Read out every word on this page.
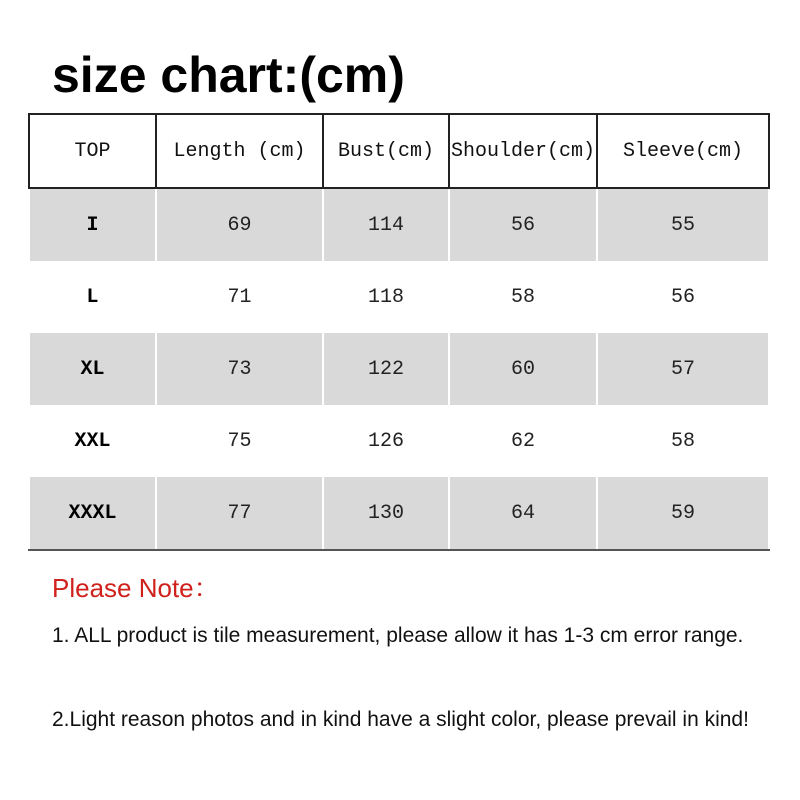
size chart:(cm)
TOP	Length (cm)	Bust(cm)	Shoulder(cm)	Sleeve(cm)
I	69	114	56	55
L	71	118	58	56
XL	73	122	60	57
XXL	75	126	62	58
XXXL	77	130	64	59
Please Note：
1. ALL product is tile measurement, please allow it has 1-3 cm error range.
2.Light reason photos and in kind have a slight color, please prevail in kind!
